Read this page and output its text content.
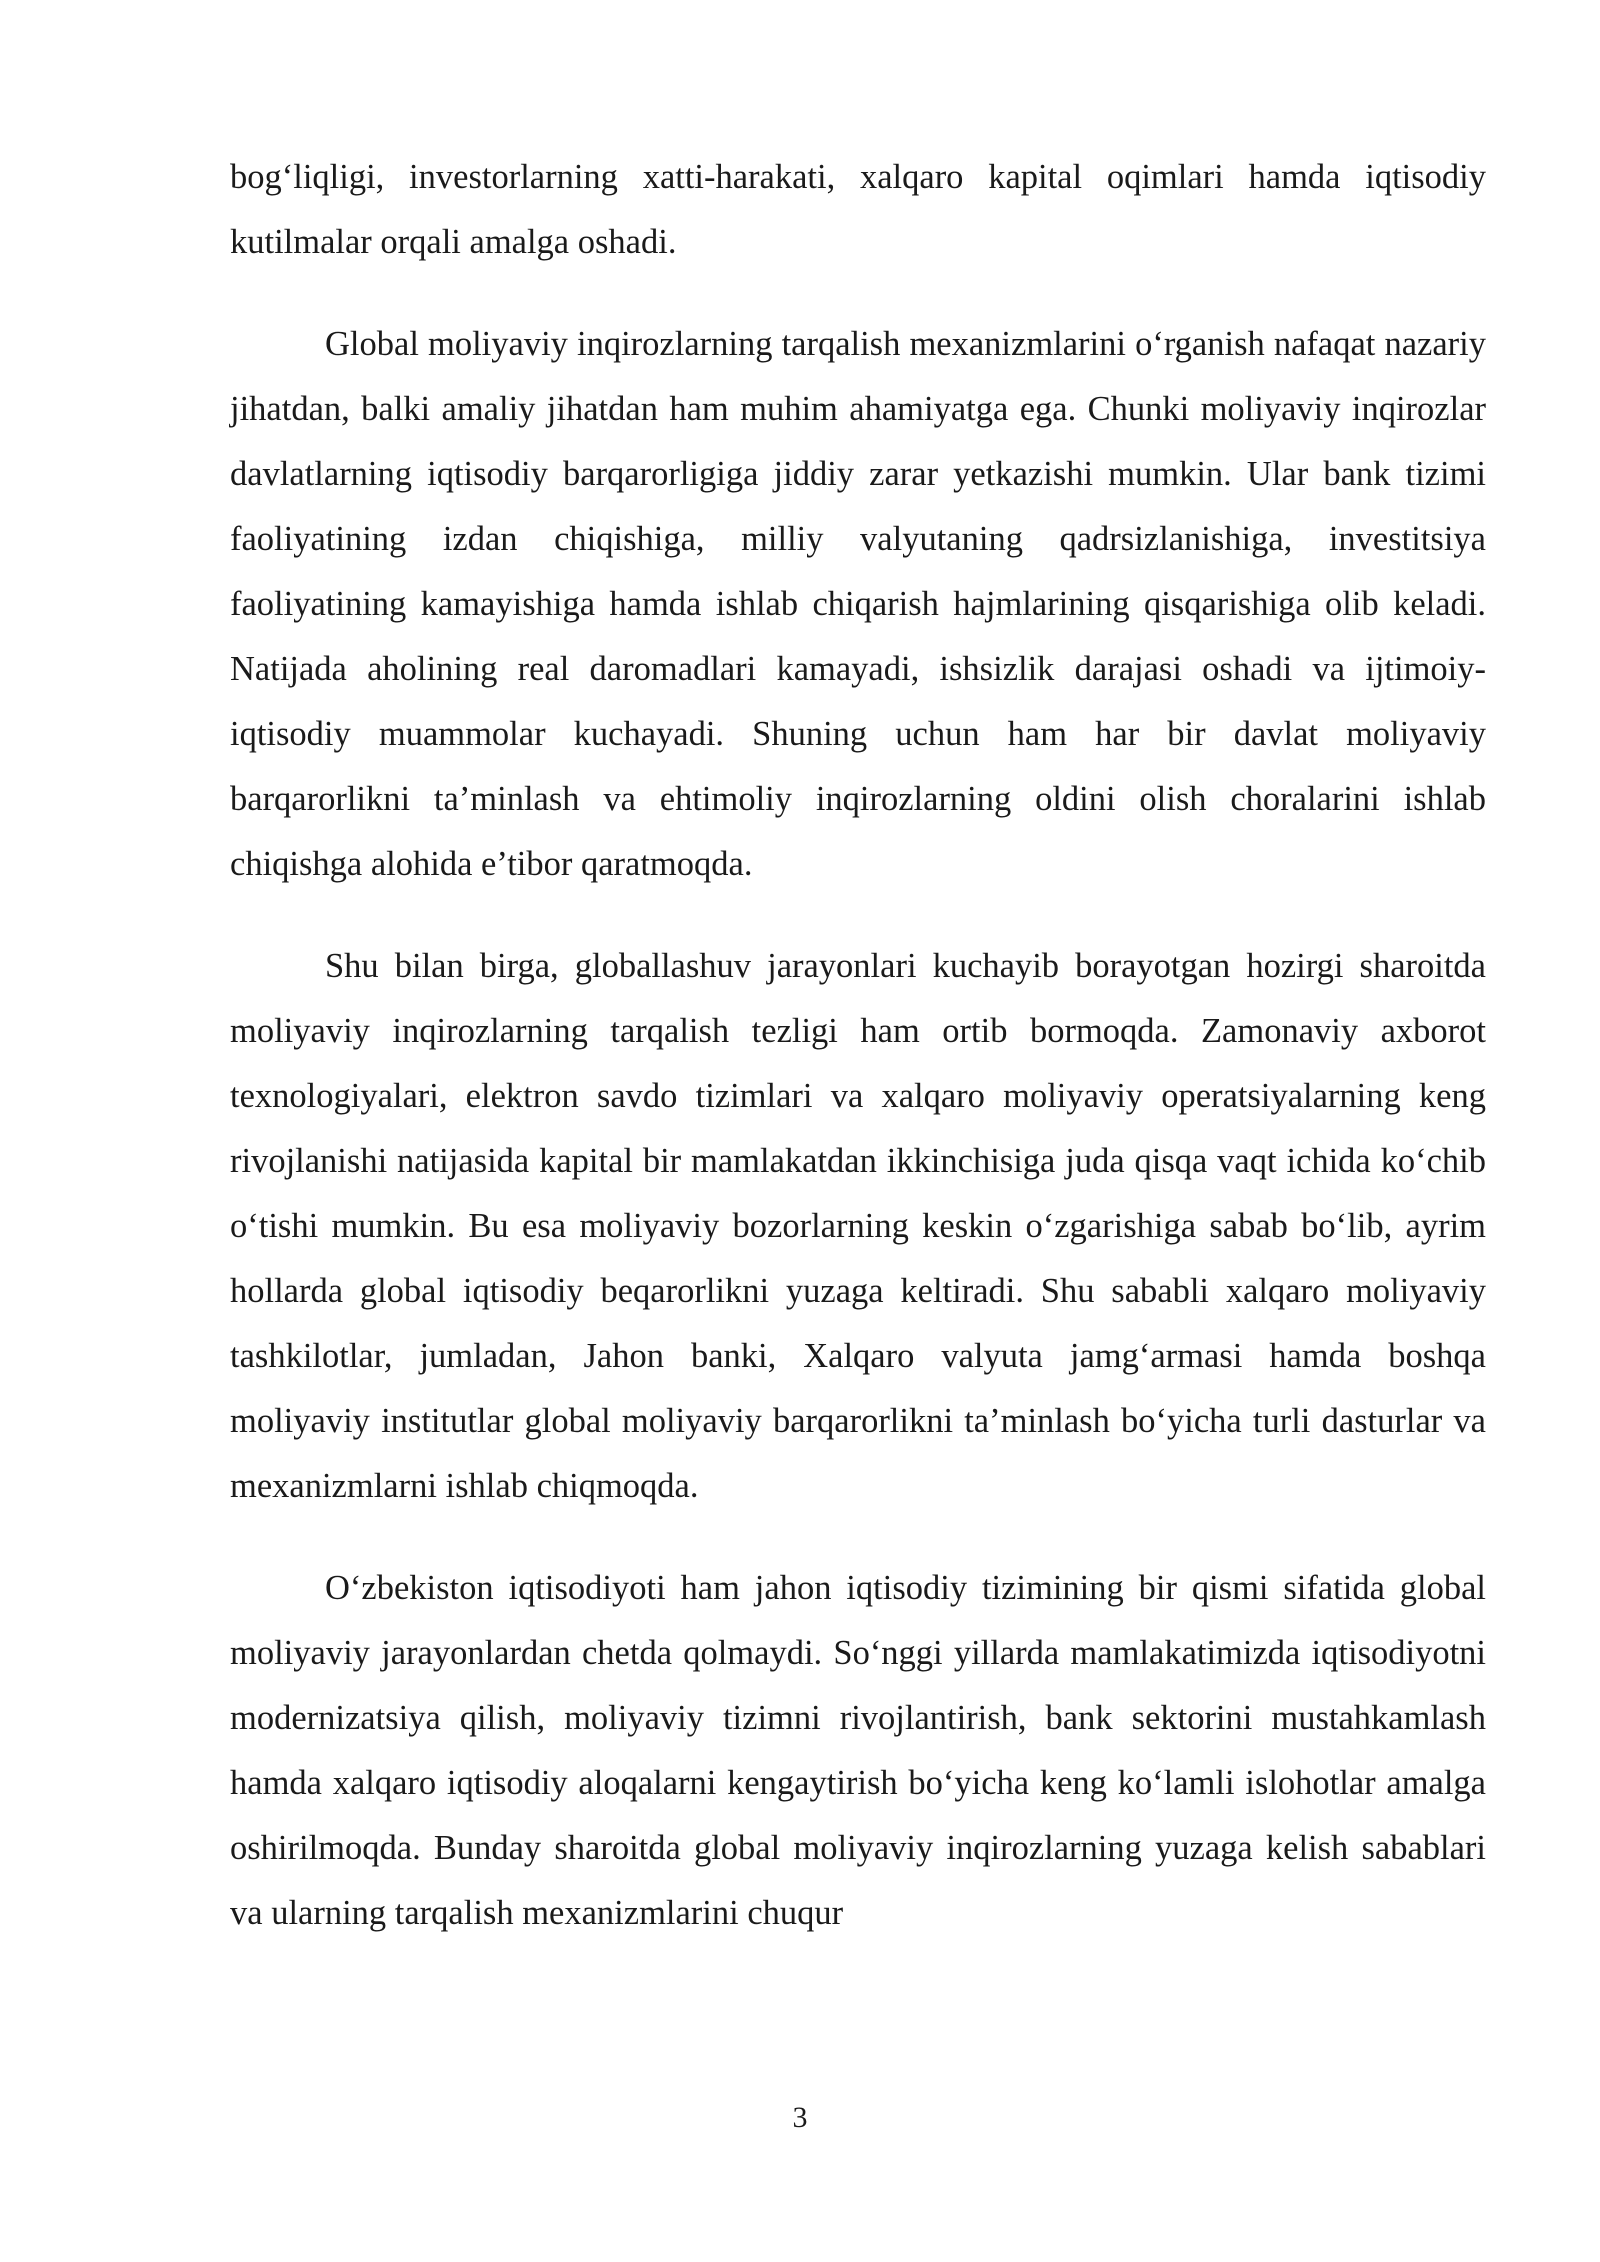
bog‘liqligi, investorlarning xatti-harakati, xalqaro kapital oqimlari hamda iqtisodiy kutilmalar orqali amalga oshadi.

Global moliyaviy inqirozlarning tarqalish mexanizmlarini o‘rganish nafaqat nazariy jihatdan, balki amaliy jihatdan ham muhim ahamiyatga ega. Chunki moliyaviy inqirozlar davlatlarning iqtisodiy barqarorligiga jiddiy zarar yetkazishi mumkin. Ular bank tizimi faoliyatining izdan chiqishiga, milliy valyutaning qadrsizlanishiga, investitsiya faoliyatining kamayishiga hamda ishlab chiqarish hajmlarining qisqarishiga olib keladi. Natijada aholining real daromadlari kamayadi, ishsizlik darajasi oshadi va ijtimoiy-iqtisodiy muammolar kuchayadi. Shuning uchun ham har bir davlat moliyaviy barqarorlikni ta’minlash va ehtimoliy inqirozlarning oldini olish choralarini ishlab chiqishga alohida e’tibor qaratmoqda.

Shu bilan birga, globallashuv jarayonlari kuchayib borayotgan hozirgi sharoitda moliyaviy inqirozlarning tarqalish tezligi ham ortib bormoqda. Zamonaviy axborot texnologiyalari, elektron savdo tizimlari va xalqaro moliyaviy operatsiyalarning keng rivojlanishi natijasida kapital bir mamlakatdan ikkinchisiga juda qisqa vaqt ichida ko‘chib o‘tishi mumkin. Bu esa moliyaviy bozorlarning keskin o‘zgarishiga sabab bo‘lib, ayrim hollarda global iqtisodiy beqarorlikni yuzaga keltiradi. Shu sababli xalqaro moliyaviy tashkilotlar, jumladan, Jahon banki, Xalqaro valyuta jamg‘armasi hamda boshqa moliyaviy institutlar global moliyaviy barqarorlikni ta’minlash bo‘yicha turli dasturlar va mexanizmlarni ishlab chiqmoqda.

O‘zbekiston iqtisodiyoti ham jahon iqtisodiy tizimining bir qismi sifatida global moliyaviy jarayonlardan chetda qolmaydi. So‘nggi yillarda mamlakatimizda iqtisodiyotni modernizatsiya qilish, moliyaviy tizimni rivojlantirish, bank sektorini mustahkamlash hamda xalqaro iqtisodiy aloqalarni kengaytirish bo‘yicha keng ko‘lamli islohotlar amalga oshirilmoqda. Bunday sharoitda global moliyaviy inqirozlarning yuzaga kelish sabablari va ularning tarqalish mexanizmlarini chuqur

3
